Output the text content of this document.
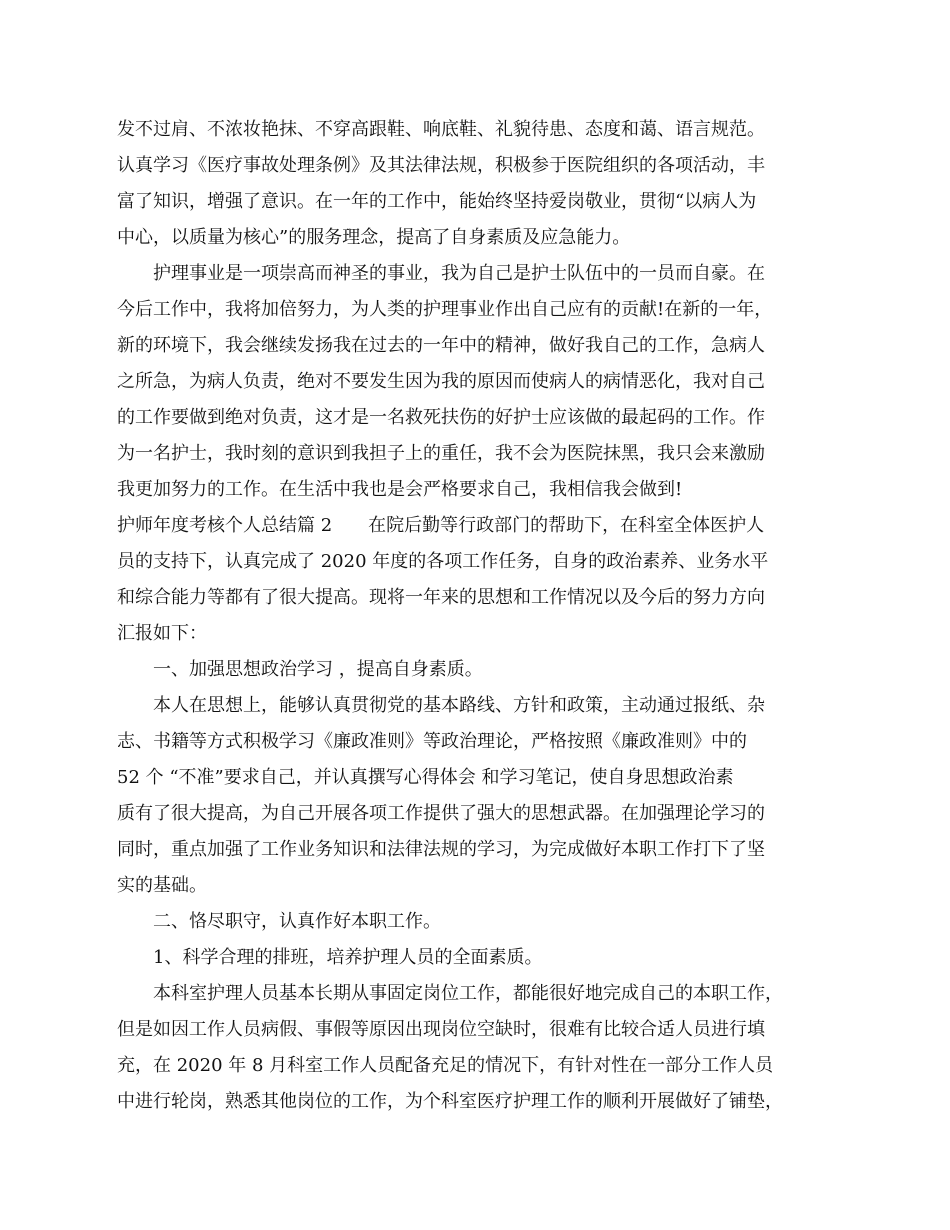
发不过肩、不浓妆艳抹、不穿高跟鞋、响底鞋、礼貌待患、态度和蔼、语言规范。

认真学习《医疗事故处理条例》及其法律法规，积极参于医院组织的各项活动，丰

富了知识，增强了意识。在一年的工作中，能始终坚持爱岗敬业，贯彻“以病人为

中心，以质量为核心”的服务理念，提高了自身素质及应急能力。

护理事业是一项崇高而神圣的事业，我为自己是护士队伍中的一员而自豪。在

今后工作中，我将加倍努力，为人类的护理事业作出自己应有的贡献!在新的一年，

新的环境下，我会继续发扬我在过去的一年中的精神，做好我自己的工作，急病人

之所急，为病人负责，绝对不要发生因为我的原因而使病人的病情恶化，我对自己

的工作要做到绝对负责，这才是一名救死扶伤的好护士应该做的最起码的工作。作

为一名护士，我时刻的意识到我担子上的重任，我不会为医院抹黑，我只会来激励

我更加努力的工作。在生活中我也是会严格要求自己，我相信我会做到!

护师年度考核个人总结篇 2　　在院后勤等行政部门的帮助下，在科室全体医护人

员的支持下，认真完成了 2020 年度的各项工作任务，自身的政治素养、业务水平

和综合能力等都有了很大提高。现将一年来的思想和工作情况以及今后的努力方向

汇报如下：

一、加强思想政治学习 ，提高自身素质。

本人在思想上，能够认真贯彻党的基本路线、方针和政策，主动通过报纸、杂

志、书籍等方式积极学习《廉政准则》等政治理论，严格按照《廉政准则》中的

52 个 “不准”要求自己，并认真撰写心得体会 和学习笔记，使自身思想政治素

质有了很大提高，为自己开展各项工作提供了强大的思想武器。在加强理论学习的

同时，重点加强了工作业务知识和法律法规的学习，为完成做好本职工作打下了坚

实的基础。

二、恪尽职守，认真作好本职工作。

1、科学合理的排班，培养护理人员的全面素质。

本科室护理人员基本长期从事固定岗位工作，都能很好地完成自己的本职工作，

但是如因工作人员病假、事假等原因出现岗位空缺时，很难有比较合适人员进行填

充，在 2020 年 8 月科室工作人员配备充足的情况下，有针对性在一部分工作人员

中进行轮岗，熟悉其他岗位的工作，为个科室医疗护理工作的顺利开展做好了铺垫，
